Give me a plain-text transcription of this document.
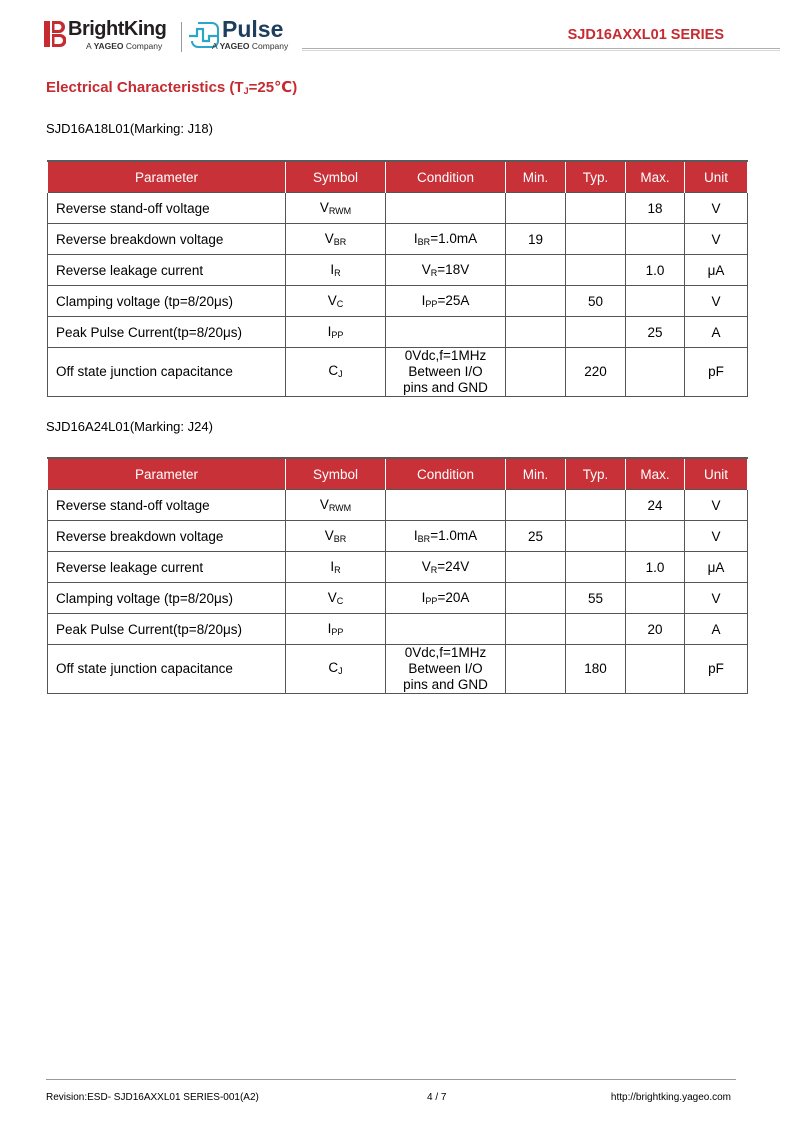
BrightKing
A YAGEO Company
Pulse
A YAGEO Company
SJD16AXXL01 SERIES
Electrical Characteristics $(T_J=25℃)$
SJD16A18L01(Marking: J18)
Parameter	Symbol	Condition	Min.	Typ.	Max.	Unit
Reverse stand-off voltage	$V_{RWM}$				18	V
Reverse breakdown voltage	$V_{BR}$	$I_{BR}=1.0mA$	19			V
Reverse leakage current	$I_R$	$V_R=18V$			1.0	μA
Clamping voltage (tp=8/20μs)	$V_C$	$I_{PP}=25A$		50		V
Peak Pulse Current(tp=8/20μs)	$I_{PP}$				25	A
Off state junction capacitance	$C_J$	0Vdc,f=1MHz
Between I/O
pins and GND		220		pF
SJD16A24L01(Marking: J24)
Parameter	Symbol	Condition	Min.	Typ.	Max.	Unit
Reverse stand-off voltage	$V_{RWM}$				24	V
Reverse breakdown voltage	$V_{BR}$	$I_{BR}=1.0mA$	25			V
Reverse leakage current	$I_R$	$V_R=24V$			1.0	μA
Clamping voltage (tp=8/20μs)	$V_C$	$I_{PP}=20A$		55		V
Peak Pulse Current(tp=8/20μs)	$I_{PP}$				20	A
Off state junction capacitance	$C_J$	0Vdc,f=1MHz
Between I/O
pins and GND		180		pF
Revision:ESD- SJD16AXXL01 SERIES-001(A2)	4 / 7	http://brightking.yageo.com
